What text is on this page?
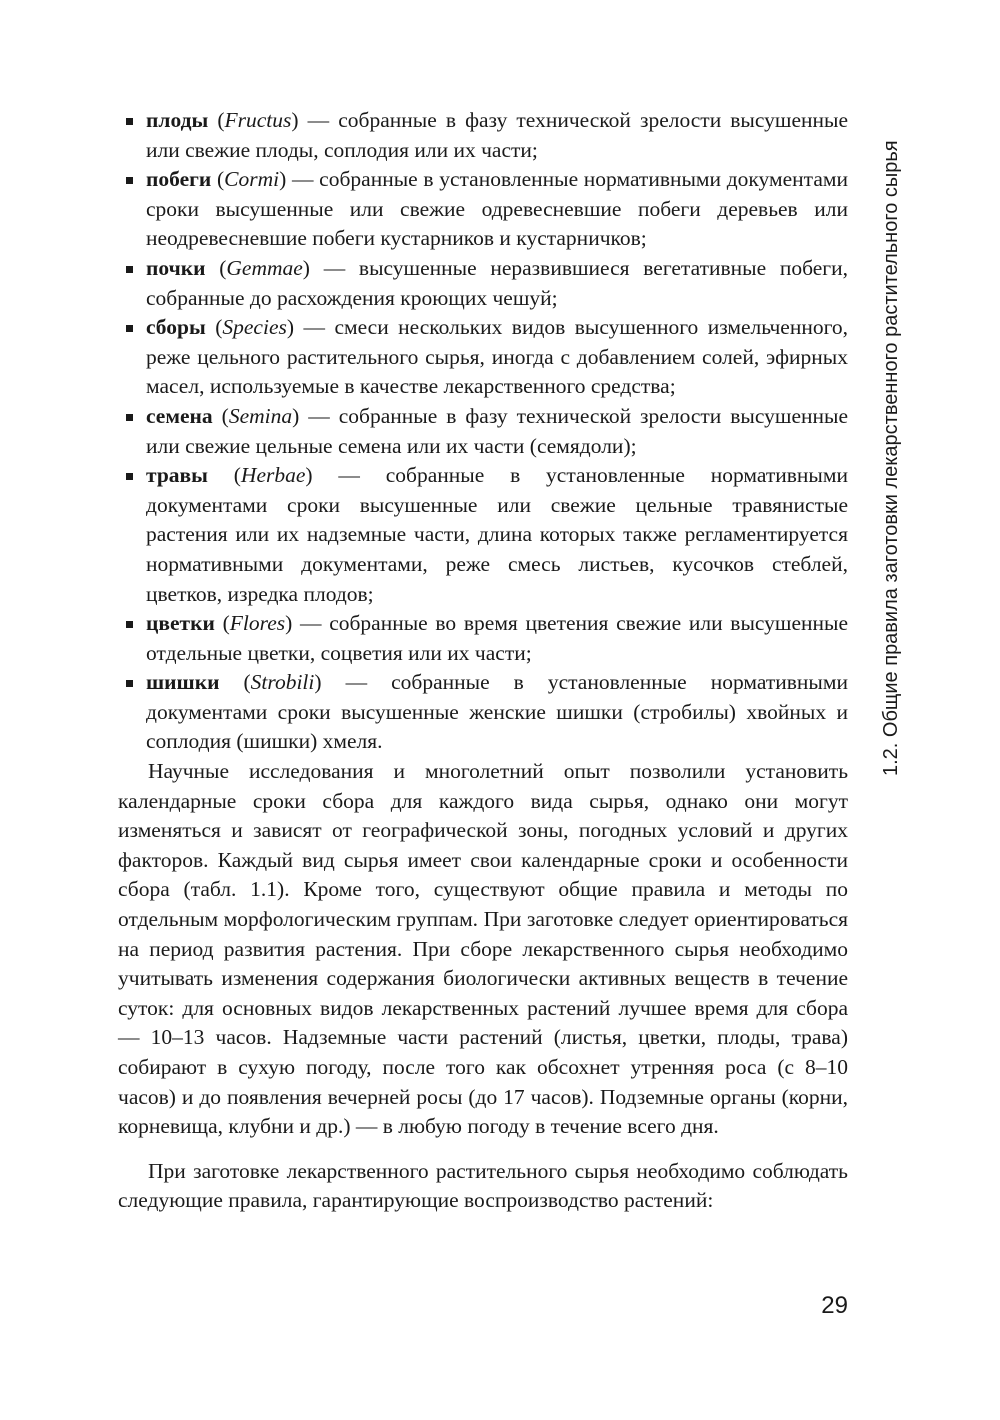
1.2. Общие правила заготовки лекарственного растительного сырья
плоды (Fructus) — собранные в фазу технической зрелости высушенные или свежие плоды, соплодия или их части;
побеги (Cormi) — собранные в установленные нормативными документами сроки высушенные или свежие одревесневшие побеги деревьев или неодревесневшие побеги кустарников и кустарничков;
почки (Gemmae) — высушенные неразвившиеся вегетативные побеги, собранные до расхождения кроющих чешуй;
сборы (Species) — смеси нескольких видов высушенного измельченного, реже цельного растительного сырья, иногда с добавлением солей, эфирных масел, используемые в качестве лекарственного средства;
семена (Semina) — собранные в фазу технической зрелости высушенные или свежие цельные семена или их части (семядоли);
травы (Herbae) — собранные в установленные нормативными документами сроки высушенные или свежие цельные травянистые растения или их надземные части, длина которых также регламентируется нормативными документами, реже смесь листьев, кусочков стеблей, цветков, изредка плодов;
цветки (Flores) — собранные во время цветения свежие или высушенные отдельные цветки, соцветия или их части;
шишки (Strobili) — собранные в установленные нормативными документами сроки высушенные женские шишки (стробилы) хвойных и соплодия (шишки) хмеля.

Научные исследования и многолетний опыт позволили установить календарные сроки сбора для каждого вида сырья, однако они могут изменяться и зависят от географической зоны, погодных условий и других факторов. Каждый вид сырья имеет свои календарные сроки и особенности сбора (табл. 1.1). Кроме того, существуют общие правила и методы по отдельным морфологическим группам. При заготовке следует ориентироваться на период развития растения. При сборе лекарственного сырья необходимо учитывать изменения содержания биологически активных веществ в течение суток: для основных видов лекарственных растений лучшее время для сбора — 10–13 часов. Надземные части растений (листья, цветки, плоды, трава) собирают в сухую погоду, после того как обсохнет утренняя роса (с 8–10 часов) и до появления вечерней росы (до 17 часов). Подземные органы (корни, корневища, клубни и др.) — в любую погоду в течение всего дня.

При заготовке лекарственного растительного сырья необходимо соблюдать следующие правила, гарантирующие воспроизводство растений:

29
